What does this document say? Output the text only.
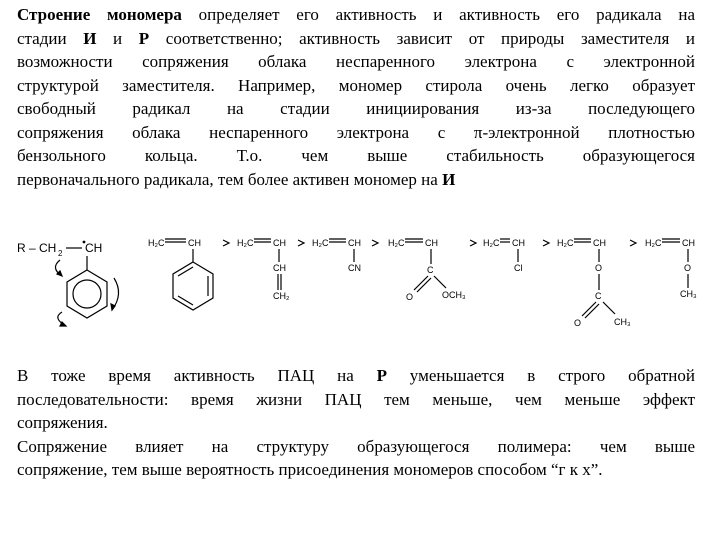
Строение мономера определяет его активность и активность его радикала на
стадии И и Р соответственно; активность зависит от природы заместителя и
возможности сопряжения облака неспаренного электрона с электронной
структурой заместителя. Например, мономер стирола очень легко образует
свободный радикал на стадии инициирования из-за последующего
сопряжения облака неспаренного электрона с π-электронной плотностью
бензольного кольца. Т.о. чем выше стабильность образующегося
первоначального радикала, тем более активен мономер на И
R – CH 2 CH	H₂C	CH	H₂C CH
CH
CH₂
H₂C CH
CN
H₂C CH
C
O	OCH₃
H₂C CH
Cl
H₂C CH
O
C
O	CH₃
H₂C CH
O
CH₃
В тоже время активность ПАЦ на Р уменьшается в строго обратной
последовательности: время жизни ПАЦ тем меньше, чем меньше эффект
сопряжения.
Сопряжение влияет на структуру образующегося полимера: чем выше
сопряжение, тем выше вероятность присоединения мономеров способом “г к х”.
